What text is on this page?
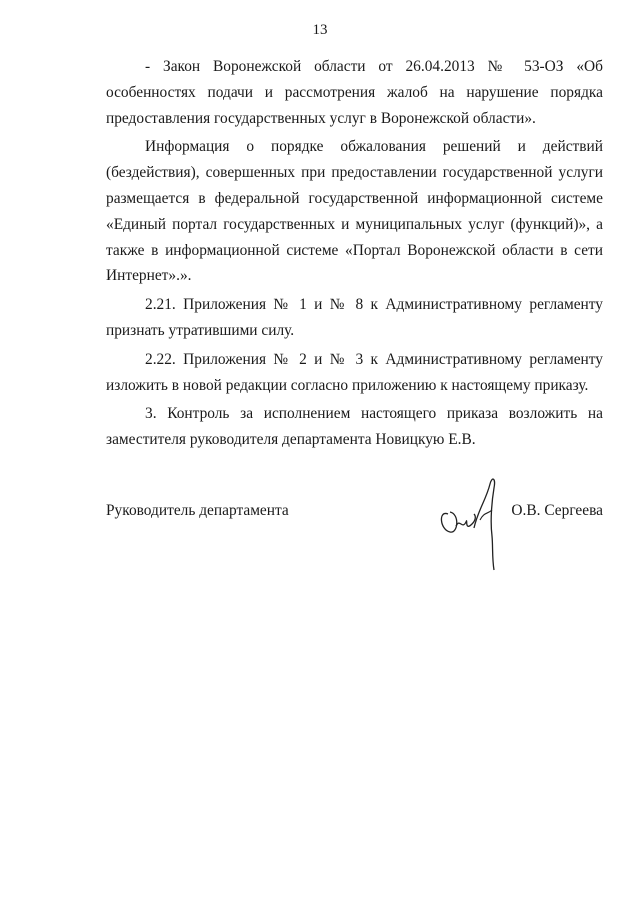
13

- Закон Воронежской области от 26.04.2013 № 53-ОЗ «Об особенностях подачи и рассмотрения жалоб на нарушение порядка предоставления государственных услуг в Воронежской области».

Информация о порядке обжалования решений и действий (бездействия), совершенных при предоставлении государственной услуги размещается в федеральной государственной информационной системе «Единый портал государственных и муниципальных услуг (функций)», а также в информационной системе «Портал Воронежской области в сети Интернет».».

2.21. Приложения № 1 и № 8 к Административному регламенту признать утратившими силу.

2.22. Приложения № 2 и № 3 к Административному регламенту изложить в новой редакции согласно приложению к настоящему приказу.

3. Контроль за исполнением настоящего приказа возложить на заместителя руководителя департамента Новицкую Е.В.

Руководитель департамента	О.В. Сергеева
